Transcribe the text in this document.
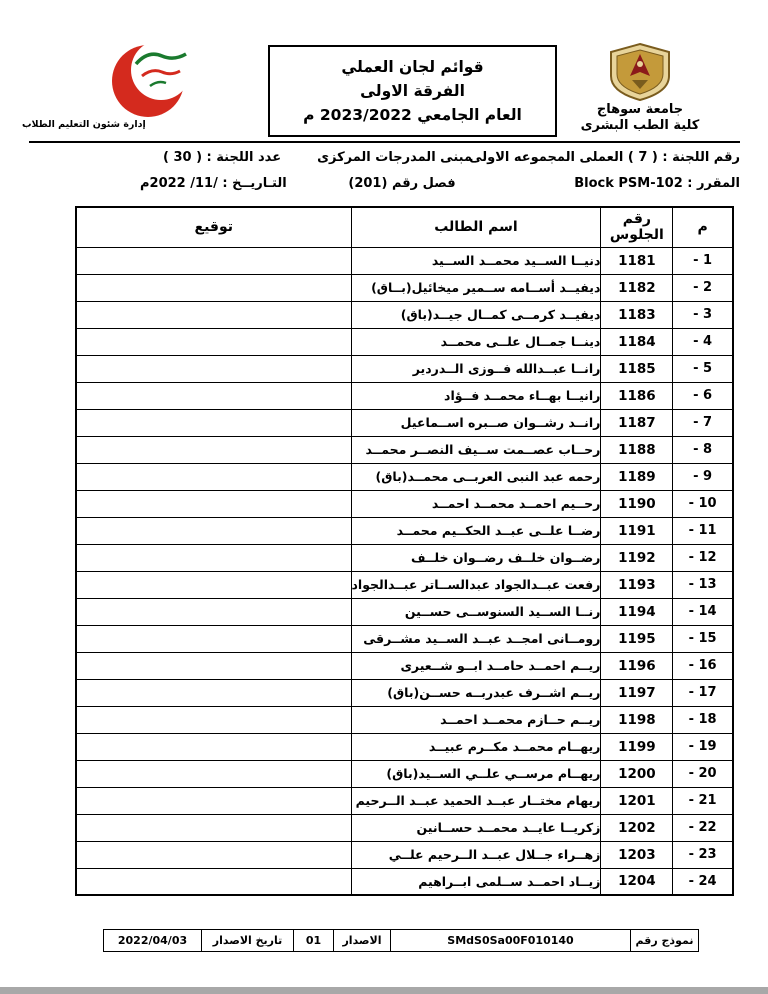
إدارة شئون التعليم الطلاب
قوائم لجان العملي
الفرقة الاولى
العام الجامعي 2023/2022 م	جامعة سوهاج
كلية الطب البشرى
رقم اللجنة : ( 7 ) العملى المجموعه الاولى
مبنى المدرجات المركزى
عدد اللجنة : ( 30 )
المقرر : Block PSM-102
فصل رقم (201)
التـاريــخ : /11/ 2022م
م	رقم الجلوس	اسم الطالب	توقيع
1 -	1181	دنيــا الســيد محمــد الســيد	
2 -	1182	ديفيــد أســامه ســمير ميخائيل(بــاق)	
3 -	1183	ديفيــد كرمــى كمــال جيــد(باق)	
4 -	1184	دينــا جمــال علــى محمــد	
5 -	1185	رانــا عبــدالله فــوزى الــدردير	
6 -	1186	رانيــا بهــاء محمــد فــؤاد	
7 -	1187	رانــد رشــوان صــبره اســماعيل	
8 -	1188	رحــاب عصــمت ســيف النصــر محمــد	
9 -	1189	رحمه عبد النبى العربــى محمــد(باق)	
10 -	1190	رحــيم احمــد محمــد احمــد	
11 -	1191	رضــا علــى عبــد الحكــيم محمــد	
12 -	1192	رضــوان خلــف رضــوان خلــف	
13 -	1193	رفعت عبــدالجواد عبدالســاتر عبــدالجواد	
14 -	1194	رنــا الســيد السنوســى حســين	
15 -	1195	رومــانى امجــد عبــد الســيد مشــرقى	
16 -	1196	ريــم احمــد حامــد ابــو شــعيرى	
17 -	1197	ريــم اشــرف عبدربــه حســن(باق)	
18 -	1198	ريــم حــازم محمــد احمــد	
19 -	1199	ريهــام محمــد مكــرم عبيــد	
20 -	1200	ريهــام مرســي علــي الســيد(باق)	
21 -	1201	ريهام مختــار عبــد الحميد عبــد الــرحيم	
22 -	1202	زكريــا عايــد محمــد حســانين	
23 -	1203	زهــراء جــلال عبــد الــرحيم علــي	
24 -	1204	زيــاد احمــد ســلمى ابــراهيم	
نموذج رقم	SMdS0Sa00F010140	الاصدار	01	تاريخ الاصدار	2022/04/03
